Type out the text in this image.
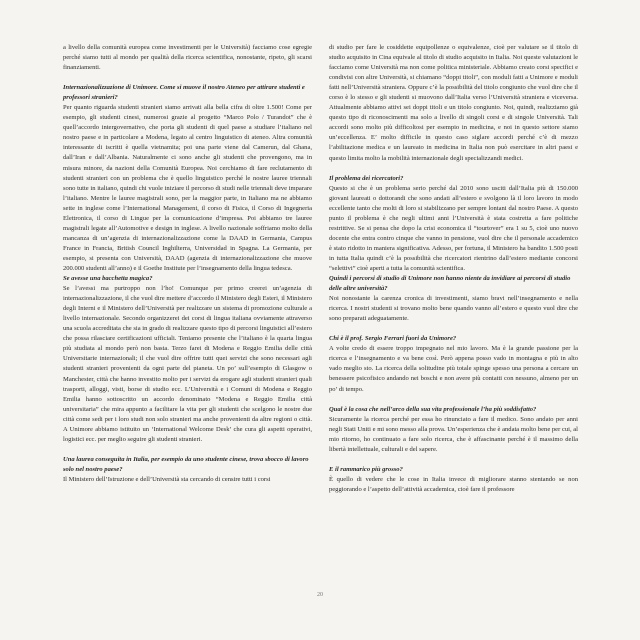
a livello della comunità europea come investimenti per le Università) facciamo cose egregie perché siamo tutti al mondo per qualità della ricerca scientifica, nonostante, ripeto, gli scarsi finanziamenti.

Internazionalizzazione di Unimore. Come si muove il nostro Ateneo per attirare studenti e professori stranieri?

Per quanto riguarda studenti stranieri siamo arrivati alla bella cifra di oltre 1.500! Come per esempio, gli studenti cinesi, numerosi grazie al progetto “Marco Polo / Turandot” che è quell’accordo intergovernativo, che porta gli studenti di quel paese a studiare l’italiano nel nostro paese e in particolare a Modena, legato al centro linguistico di ateneo. Altra comunità interessante di iscritti è quella vietnamita; poi una parte viene dal Camerun, dal Ghana, dall’Iran e dall’Albania. Naturalmente ci sono anche gli studenti che provengono, ma in misura minore, da nazioni della Comunità Europea. Noi cerchiamo di fare reclutamento di studenti stranieri con un problema che è quello linguistico perché le nostre lauree triennali sono tutte in italiano, quindi chi vuole iniziare il percorso di studi nelle triennali deve imparare l’italiano. Mentre le lauree magistrali sono, per la maggior parte, in Italiano ma ne abbiamo sette in inglese come l’International Management, il corso di Fisica, il Corso di Ingegneria Elettronica, il corso di Lingue per la comunicazione d’impresa. Poi abbiamo tre lauree magistrali legate all’Automotive e design in inglese. A livello nazionale soffriamo molto della mancanza di un’agenzia di internazionalizzazione come la DAAD in Germania, Campus France in Francia, British Council Inghilterra, Universidad in Spagna. La Germania, per esempio, si presenta con Università, DAAD (agenzia di internazionalizzazione che muove 200.000 studenti all’anno) e il Goethe Institute per l’insegnamento della lingua tedesca.

Se avesse una bacchetta magica?

Se l’avessi ma purtroppo non l’ho! Comunque per primo creerei un’agenzia di internazionalizzazione, il che vuol dire mettere d’accordo il Ministero degli Esteri, il Ministero degli Interni e il Ministero dell’Università per realizzare un sistema di promozione culturale a livello internazionale. Secondo organizzerei dei corsi di lingua italiana ovviamente attraverso una scuola accreditata che sia in grado di realizzare questo tipo di percorsi linguistici all’estero che possa rilasciare certificazioni ufficiali. Teniamo presente che l’italiano è la quarta lingua più studiata al mondo però non basta. Terzo farei di Modena e Reggio Emilia delle città Universitarie internazionali; il che vuol dire offrire tutti quei servizi che sono necessari agli studenti stranieri provenienti da ogni parte del pianeta. Un po’ sull’esempio di Glasgow o Manchester, città che hanno investito molto per i servizi da erogare agli studenti stranieri quali trasporti, alloggi, visti, borse di studio ecc. L’Università e i Comuni di Modena e Reggio Emilia hanno sottoscritto un accordo denominato “Modena e Reggio Emilia città universitaria” che mira appunto a facilitare la vita per gli studenti che scelgono le nostre due città come sedi per i loro studi non solo stranieri ma anche provenienti da altre regioni o città. A Unimore abbiamo istituito un ‘International Welcome Desk’ che cura gli aspetti operativi, logistici ecc. per meglio seguire gli studenti stranieri.

Una laurea conseguita in Italia, per esempio da uno studente cinese, trova sbocco di lavoro solo nel nostro paese?

Il Ministero dell’Istruzione e dell’Università sta cercando di censire tutti i corsi

di studio per fare le cosiddette equipollenze o equivalenze, cioè per valutare se il titolo di studio acquisito in Cina equivale al titolo di studio acquisito in Italia. Noi queste valutazioni le facciamo come Università ma non come politica ministeriale. Abbiamo creato corsi specifici e condivisi con altre Università, si chiamano “doppi titoli”, con moduli fatti a Unimore e moduli fatti nell’Università straniera. Oppure c’è la possibilità del titolo congiunto che vuol dire che il corso è lo stesso e gli studenti si muovono dall’Italia verso l’Università straniera e viceversa. Attualmente abbiamo attivi sei doppi titoli e un titolo congiunto. Noi, quindi, realizziamo già questo tipo di riconoscimenti ma solo a livello di singoli corsi e di singole Università. Tali accordi sono molto più difficoltosi per esempio in medicina, e noi in questo settore siamo un’eccellenza. E’ molto difficile in questo caso siglare accordi perché c’è di mezzo l’abilitazione medica e un laureato in medicina in Italia non può esercitare in altri paesi e questo limita molto la mobilità internazionale degli specializzandi medici.

Il problema dei ricercatori?

Questo si che è un problema serio perché dal 2010 sono usciti dall’Italia più di 150.000 giovani laureati o dottorandi che sono andati all’estero e svolgono là il loro lavoro in modo eccellente tanto che molti di loro si stabilizzano per sempre lontani dal nostro Paese. A questo punto il problema è che negli ultimi anni l’Università è stata costretta a fare politiche restrittive. Se si pensa che dopo la crisi economica il “tourtover” era 1 su 5, cioè uno nuovo docente che entra contro cinque che vanno in pensione, vuol dire che il personale accademico è stato ridotto in maniera significativa. Adesso, per fortuna, il Ministero ha bandito 1.500 posti in tutta Italia quindi c’è la possibilità che ricercatori rientrino dall’estero mediante concorsi “selettivi” cioè aperti a tutta la comunità scientifica.

Quindi i percorsi di studio di Unimore non hanno niente da invidiare ai percorsi di studio delle altre università?

Noi nonostante la carenza cronica di investimenti, siamo bravi nell’insegnamento e nella ricerca. I nostri studenti si trovano molto bene quando vanno all’estero e questo vuol dire che sono preparati adeguatamente.

Chi è il prof. Sergio Ferrari fuori da Unimore?

A volte credo di essere troppo impegnato nel mio lavoro. Ma è la grande passione per la ricerca e l’insegnamento e va bene così. Però appena posso vado in montagna e più in alto vado meglio sto. La ricerca della solitudine più totale spinge spesso una persona a cercare un benessere psicofisico andando nei boschi e non avere più contatti con nessuno, almeno per un po’ di tempo.

Qual è la cosa che nell’arco della sua vita professionale l’ha più soddisfatto?

Sicuramente la ricerca perché per essa ho rinunciato a fare il medico. Sono andato per anni negli Stati Uniti e mi sono messo alla prova. Un’esperienza che è andata molto bene per cui, al mio ritorno, ho continuato a fare solo ricerca, che è affascinante perché è il massimo della libertà intellettuale, culturali e del sapere.

E il rammarico più grosso?

È quello di vedere che le cose in Italia invece di migliorare stanno stentando se non peggiorando e l’aspetto dell’attività accademica, cioè fare il professore

20
